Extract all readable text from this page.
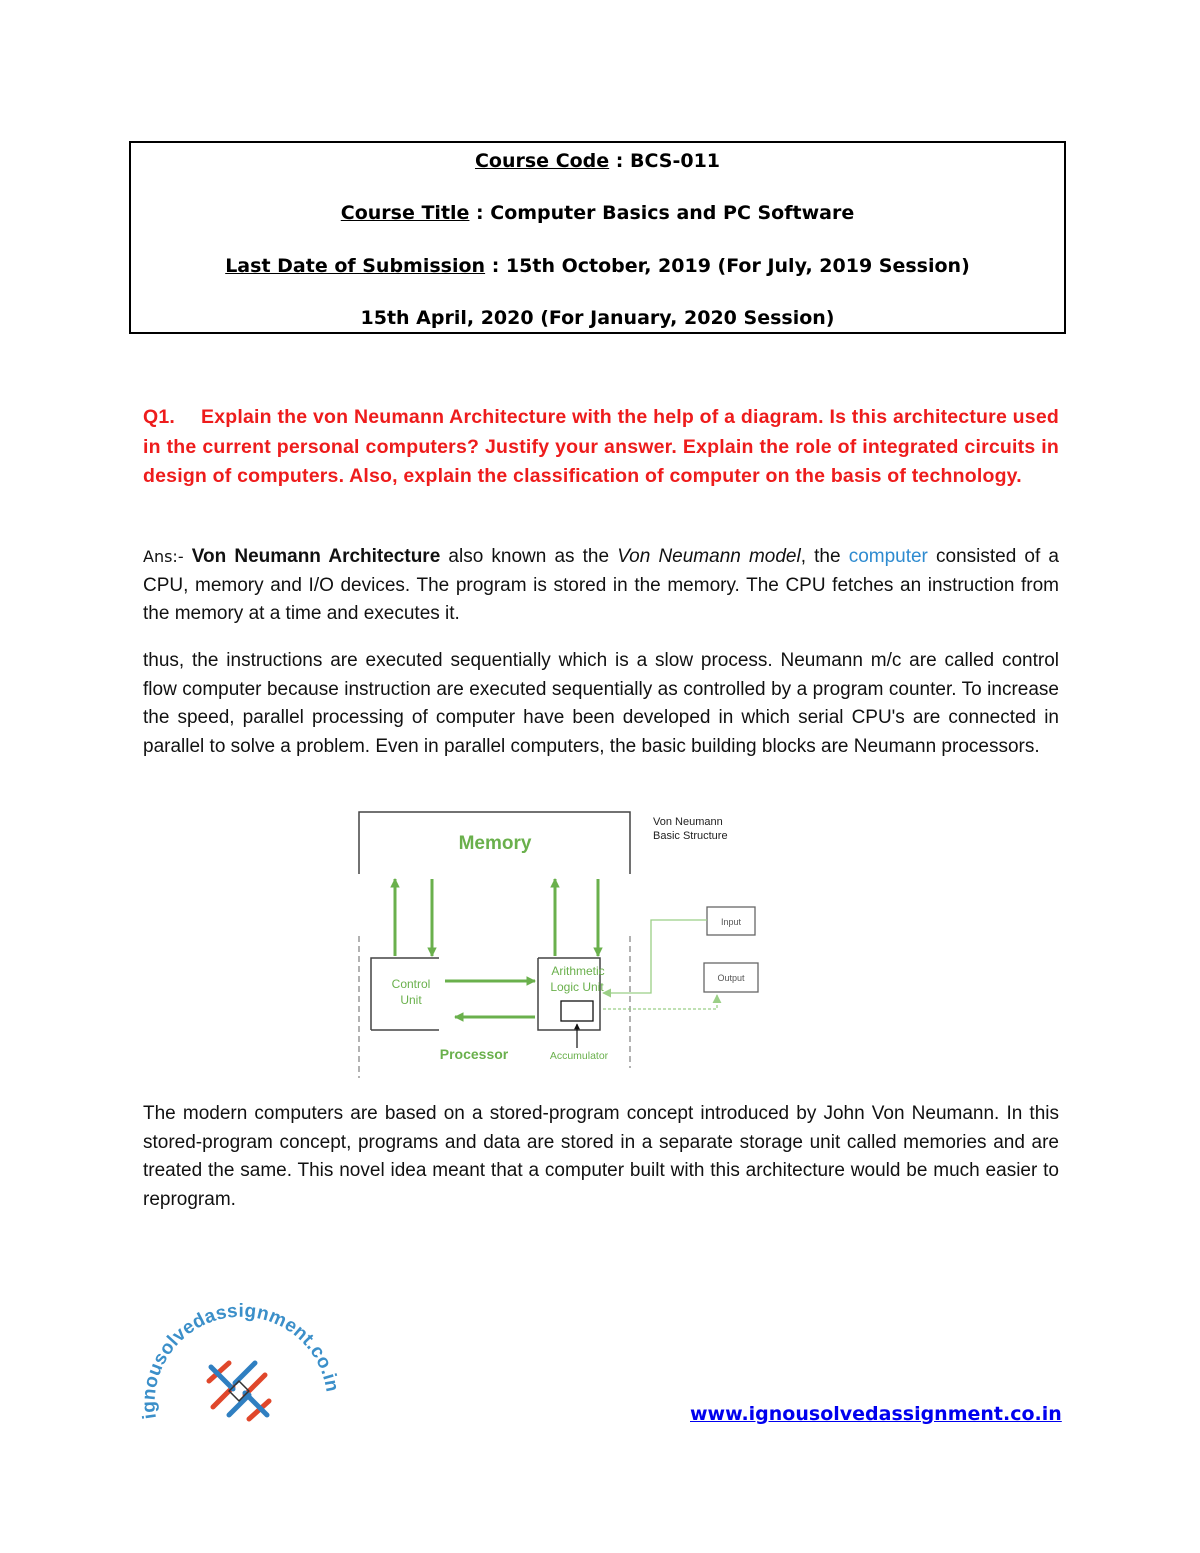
Course Code : BCS-011
Course Title : Computer Basics and PC Software
Last Date of Submission : 15th October, 2019 (For July, 2019 Session)
15th April, 2020 (For January, 2020 Session)

Q1. Explain the von Neumann Architecture with the help of a diagram. Is this architecture used in the current personal computers? Justify your answer. Explain the role of integrated circuits in design of computers. Also, explain the classification of computer on the basis of technology.

Ans:- Von Neumann Architecture also known as the Von Neumann model, the computer consisted of a CPU, memory and I/O devices. The program is stored in the memory. The CPU fetches an instruction from the memory at a time and executes it.

thus, the instructions are executed sequentially which is a slow process. Neumann m/c are called control flow computer because instruction are executed sequentially as controlled by a program counter. To increase the speed, parallel processing of computer have been developed in which serial CPU's are connected in parallel to solve a problem. Even in parallel computers, the basic building blocks are Neumann processors.

Memory
Von Neumann
Basic Structure
Control
Unit
Arithmetic
Logic Unit
Accumulator
Processor
Input
Output

The modern computers are based on a stored-program concept introduced by John Von Neumann. In this stored-program concept, programs and data are stored in a separate storage unit called memories and are treated the same. This novel idea meant that a computer built with this architecture would be much easier to reprogram.

ignousolvedassignment.co.in
www.ignousolvedassignment.co.in
